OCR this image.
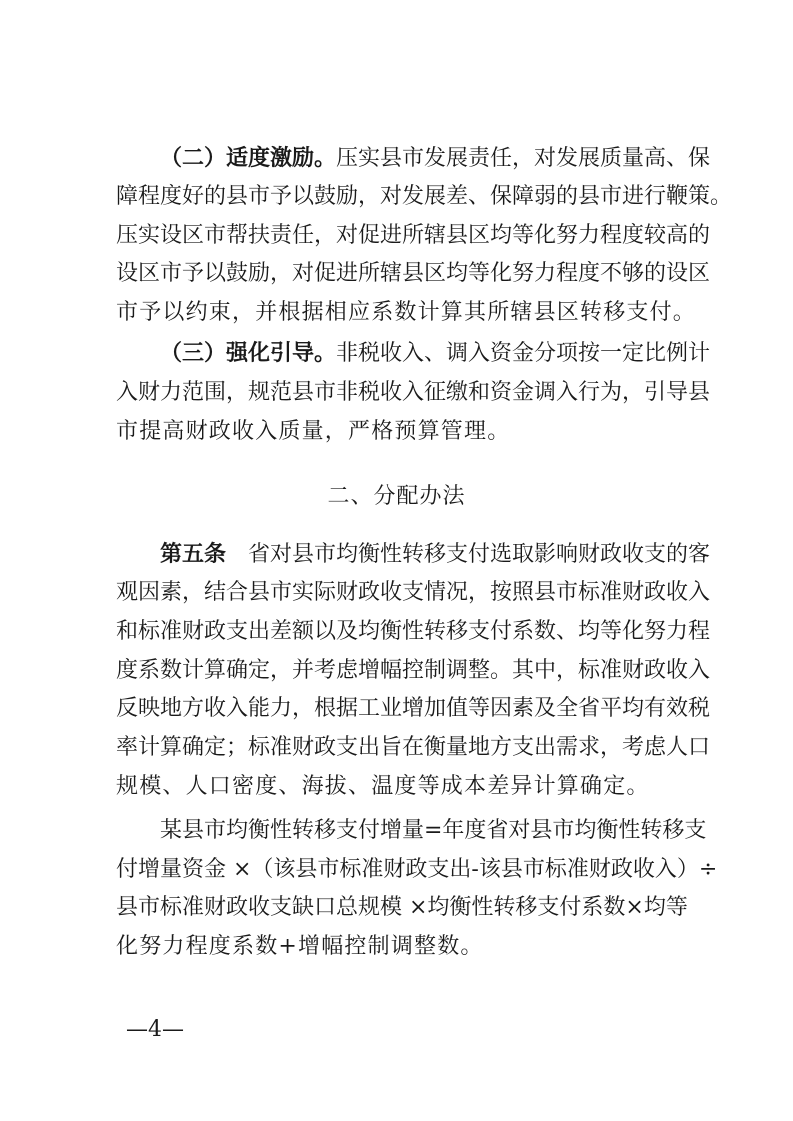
（二）适度激励。压实县市发展责任，对发展质量高、保
障程度好的县市予以鼓励，对发展差、保障弱的县市进行鞭策。
压实设区市帮扶责任，对促进所辖县区均等化努力程度较高的
设区市予以鼓励，对促进所辖县区均等化努力程度不够的设区
市予以约束，并根据相应系数计算其所辖县区转移支付。
（三）强化引导。非税收入、调入资金分项按一定比例计
入财力范围，规范县市非税收入征缴和资金调入行为，引导县
市提高财政收入质量，严格预算管理。
二、分配办法
第五条 省对县市均衡性转移支付选取影响财政收支的客
观因素，结合县市实际财政收支情况，按照县市标准财政收入
和标准财政支出差额以及均衡性转移支付系数、均等化努力程
度系数计算确定，并考虑增幅控制调整。其中，标准财政收入
反映地方收入能力，根据工业增加值等因素及全省平均有效税
率计算确定；标准财政支出旨在衡量地方支出需求，考虑人口
规模、人口密度、海拔、温度等成本差异计算确定。
某县市均衡性转移支付增量=年度省对县市均衡性转移支
付增量资金 ×（该县市标准财政支出-该县市标准财政收入）÷
县市标准财政收支缺口总规模 ×均衡性转移支付系数×均等
化努力程度系数+增幅控制调整数。
—4—
